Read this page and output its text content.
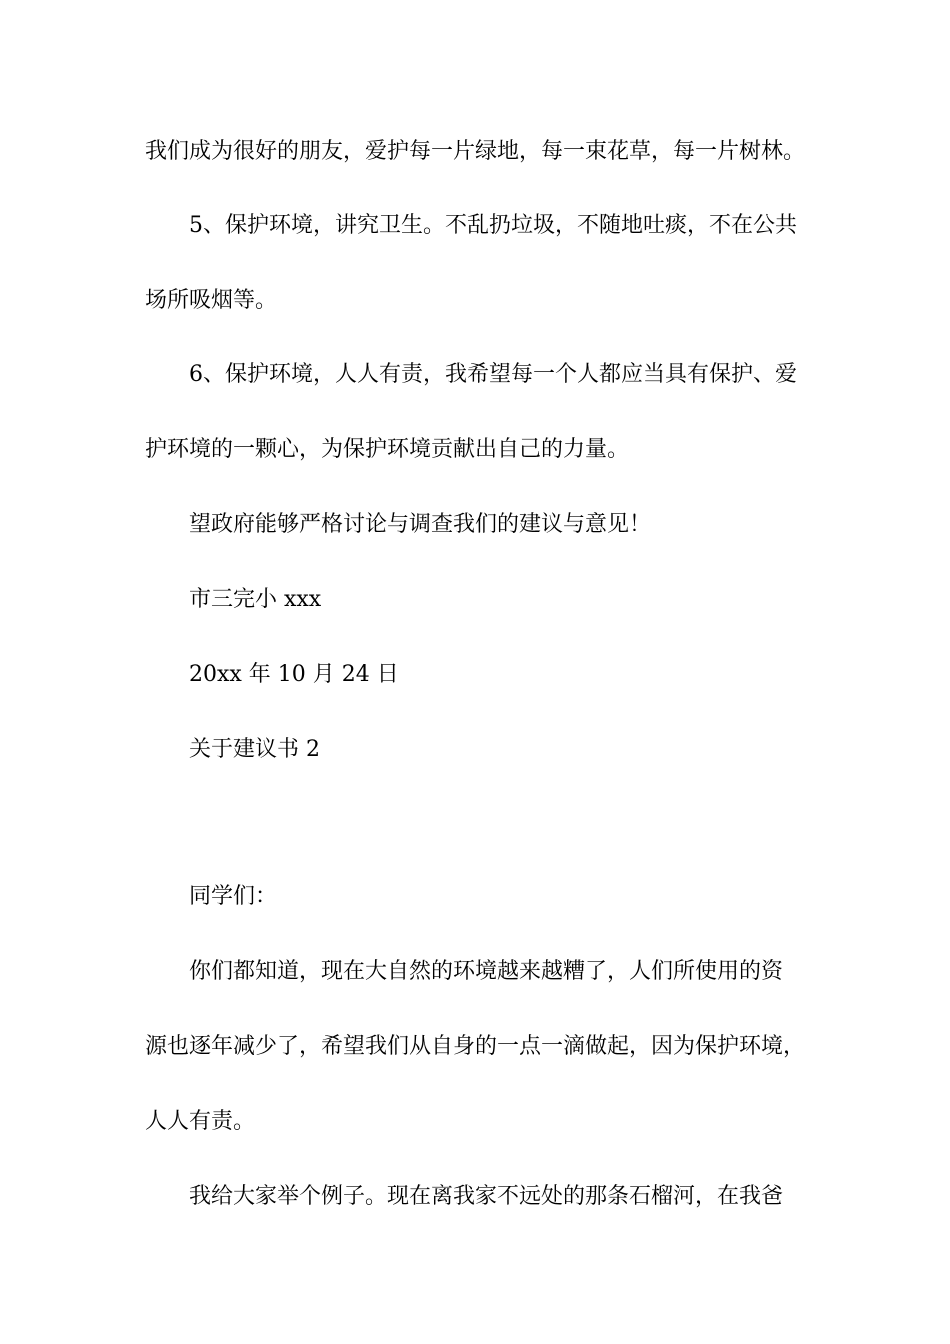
我们成为很好的朋友，爱护每一片绿地，每一束花草，每一片树林。
5、保护环境，讲究卫生。不乱扔垃圾，不随地吐痰，不在公共
场所吸烟等。
6、保护环境，人人有责，我希望每一个人都应当具有保护、爱
护环境的一颗心，为保护环境贡献出自己的力量。
望政府能够严格讨论与调查我们的建议与意见！
市三完小 xxx
20xx 年 10 月 24 日
关于建议书 2
同学们：
你们都知道，现在大自然的环境越来越糟了，人们所使用的资
源也逐年减少了，希望我们从自身的一点一滴做起，因为保护环境，
人人有责。
我给大家举个例子。现在离我家不远处的那条石榴河，在我爸
